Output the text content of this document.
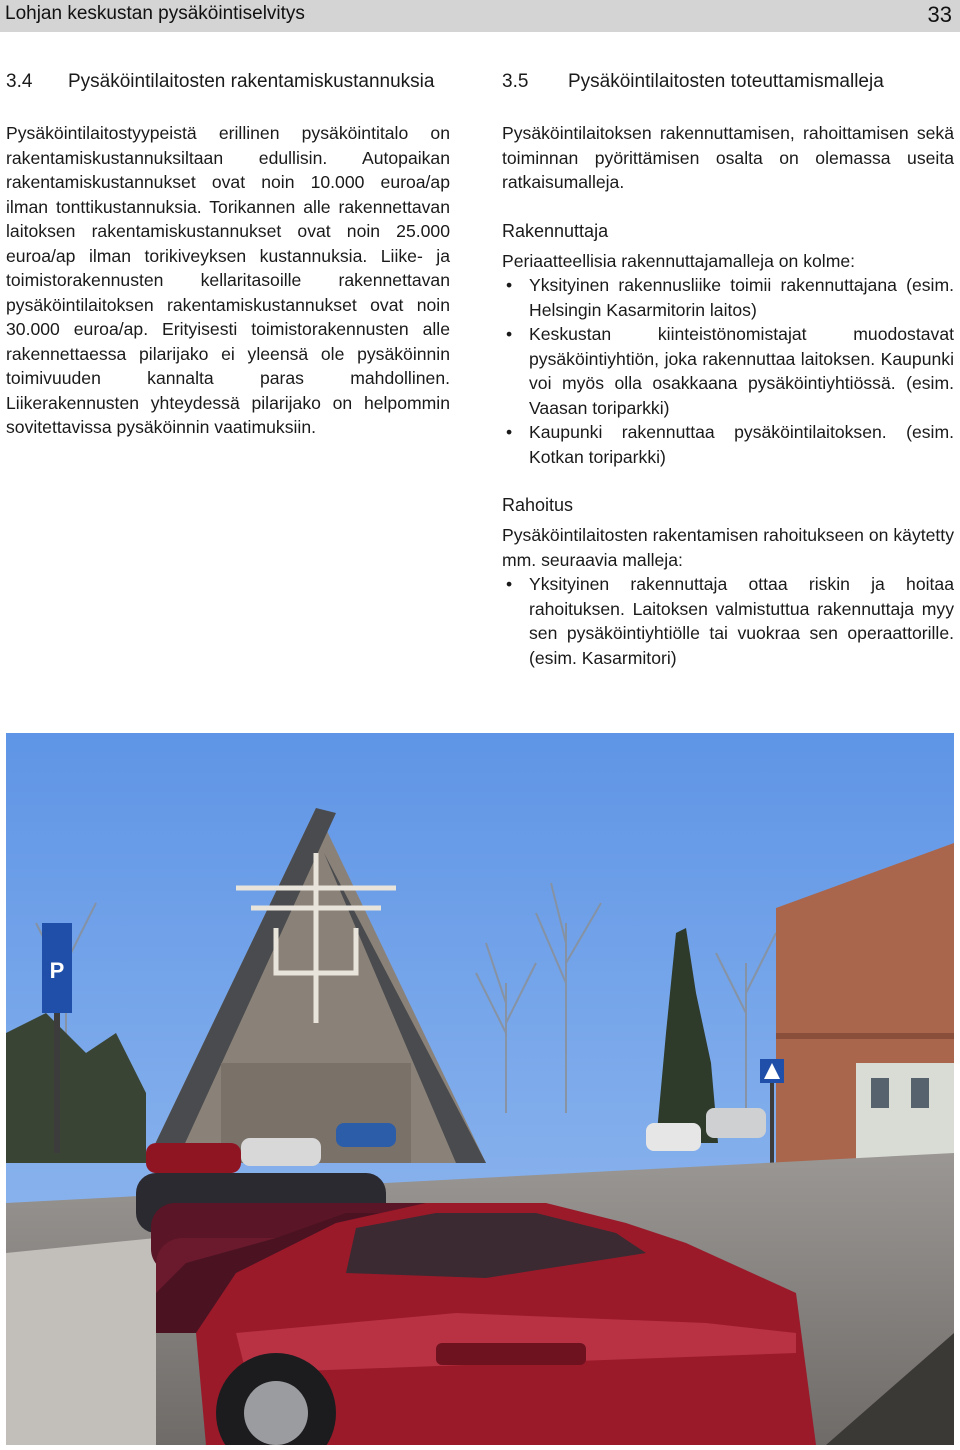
Lohjan keskustan pysäköintiselvitys	33
3.4	Pysäköintilaitosten rakentamiskustannuksia

Pysäköintilaitostyypeistä erillinen pysäköintitalo on rakentamiskustannuksiltaan edullisin. Autopaikan rakentamiskustannukset ovat noin 10.000 euroa/ap ilman tonttikustannuksia. Torikannen alle rakennettavan laitoksen rakentamiskustannukset ovat noin 25.000 euroa/ap ilman torikiveyksen kustannuksia. Liike- ja toimistorakennusten kellaritasoille rakennettavan pysäköintilaitoksen rakentamiskustannukset ovat noin 30.000 euroa/ap. Erityisesti toimistorakennusten alle rakennettaessa pilarijako ei yleensä ole pysäköinnin toimivuuden kannalta paras mahdollinen. Liikerakennusten yhteydessä pilarijako on helpommin sovitettavissa pysäköinnin vaatimuksiin.

3.5	Pysäköintilaitosten toteuttamismalleja

Pysäköintilaitoksen rakennuttamisen, rahoittamisen sekä toiminnan pyörittämisen osalta on olemassa useita ratkaisumalleja.

Rakennuttaja

Periaatteellisia rakennuttajamalleja on kolme:

• Yksityinen rakennusliike toimii rakennuttajana (esim. Helsingin Kasarmitorin laitos)
• Keskustan kiinteistönomistajat muodostavat pysäköintiyhtiön, joka rakennuttaa laitoksen. Kaupunki voi myös olla osakkaana pysäköintiyhtiössä. (esim. Vaasan toriparkki)
• Kaupunki rakennuttaa pysäköintilaitoksen. (esim. Kotkan toriparkki)
Rahoitus

Pysäköintilaitosten rakentamisen rahoitukseen on käytetty mm. seuraavia malleja:

• Yksityinen rakennuttaja ottaa riskin ja hoitaa rahoituksen. Laitoksen valmistuttua rakennuttaja myy sen pysäköintiyhtiölle tai vuokraa sen operaattorille. (esim. Kasarmitori)
P
